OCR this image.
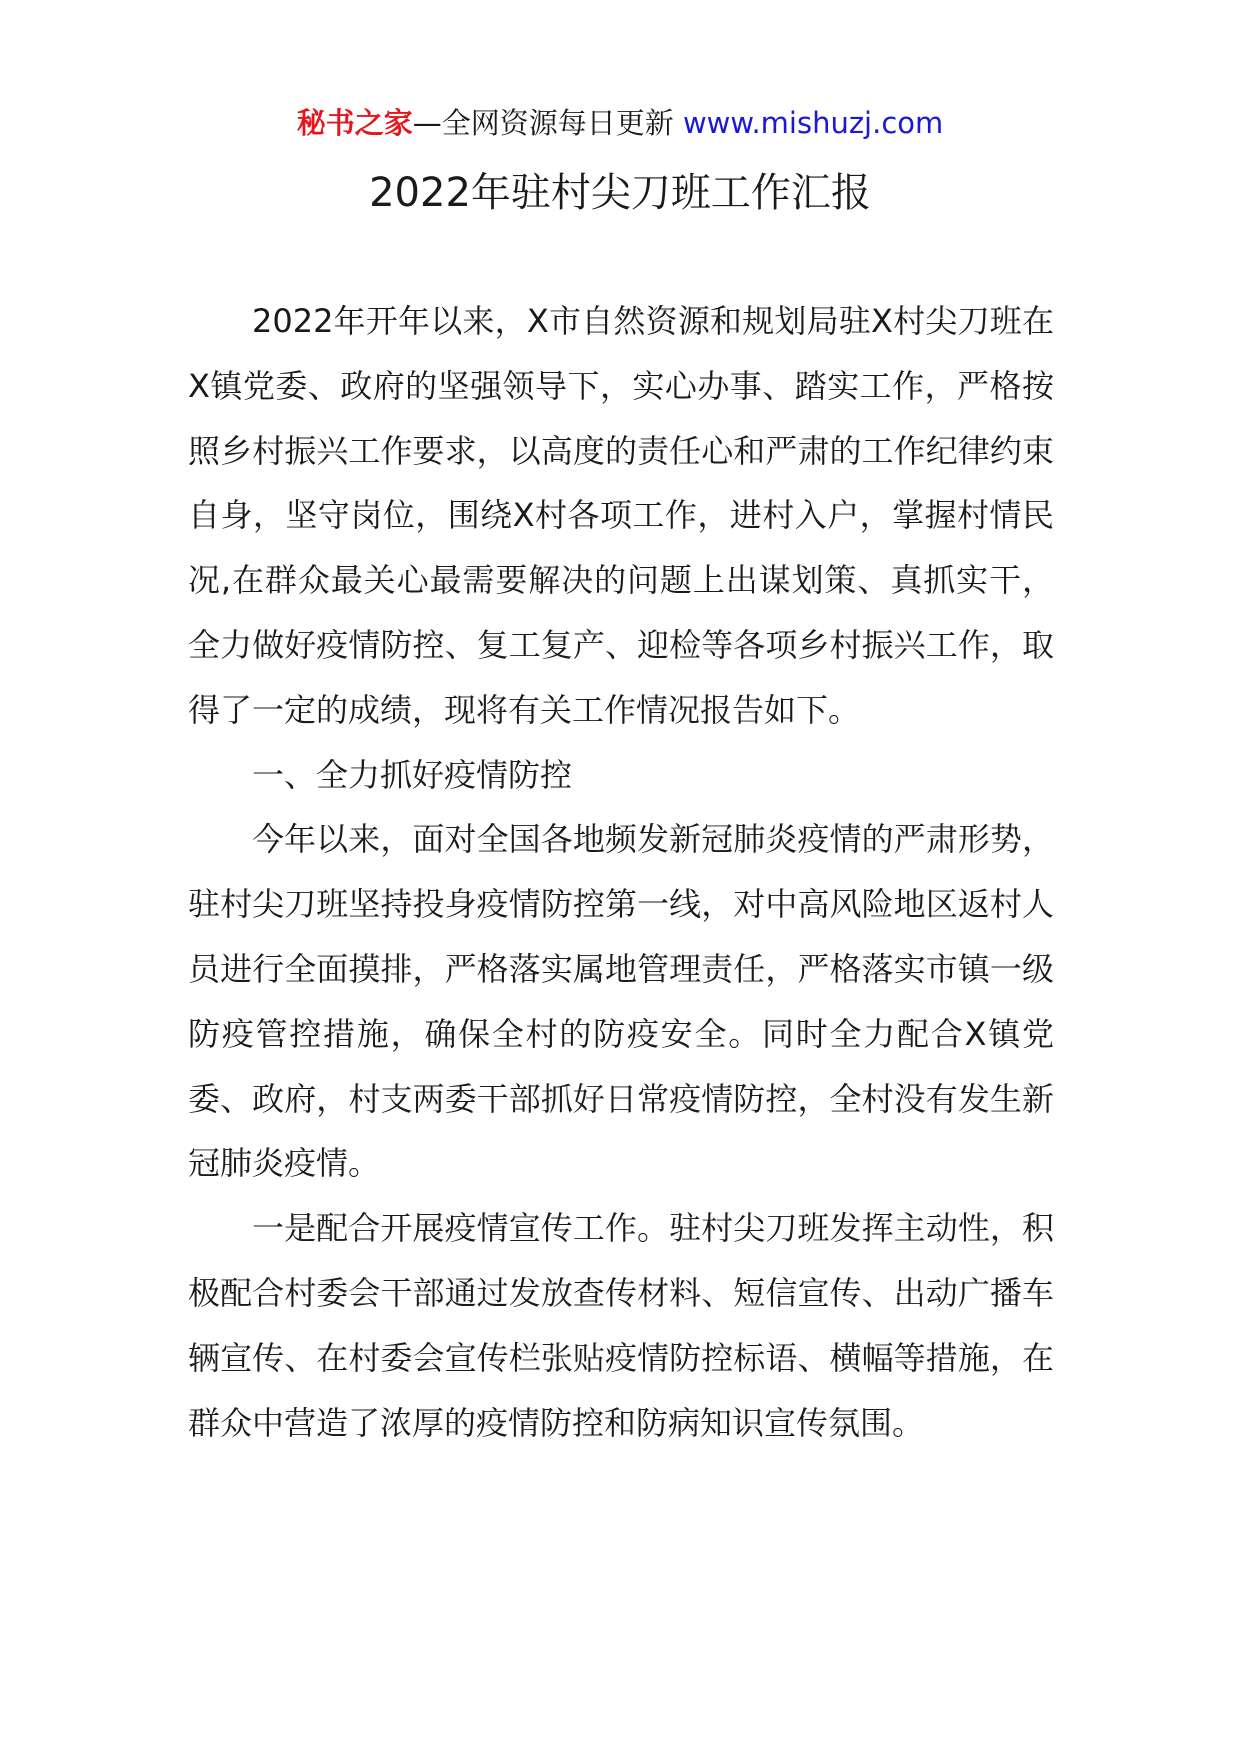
秘书之家—全网资源每日更新 www.mishuzj.com
2022年驻村尖刀班工作汇报

2022年开年以来，X市自然资源和规划局驻X村尖刀班在X镇党委、政府的坚强领导下，实心办事、踏实工作，严格按照乡村振兴工作要求，以高度的责任心和严肃的工作纪律约束自身，坚守岗位，围绕X村各项工作，进村入户，掌握村情民况,在群众最关心最需要解决的问题上出谋划策、真抓实干，全力做好疫情防控、复工复产、迎检等各项乡村振兴工作，取得了一定的成绩，现将有关工作情况报告如下。

一、全力抓好疫情防控

今年以来，面对全国各地频发新冠肺炎疫情的严肃形势，驻村尖刀班坚持投身疫情防控第一线，对中高风险地区返村人员进行全面摸排，严格落实属地管理责任，严格落实市镇一级防疫管控措施，确保全村的防疫安全。同时全力配合X镇党委、政府，村支两委干部抓好日常疫情防控，全村没有发生新冠肺炎疫情。

一是配合开展疫情宣传工作。驻村尖刀班发挥主动性，积极配合村委会干部通过发放查传材料、短信宣传、出动广播车辆宣传、在村委会宣传栏张贴疫情防控标语、横幅等措施，在群众中营造了浓厚的疫情防控和防病知识宣传氛围。
